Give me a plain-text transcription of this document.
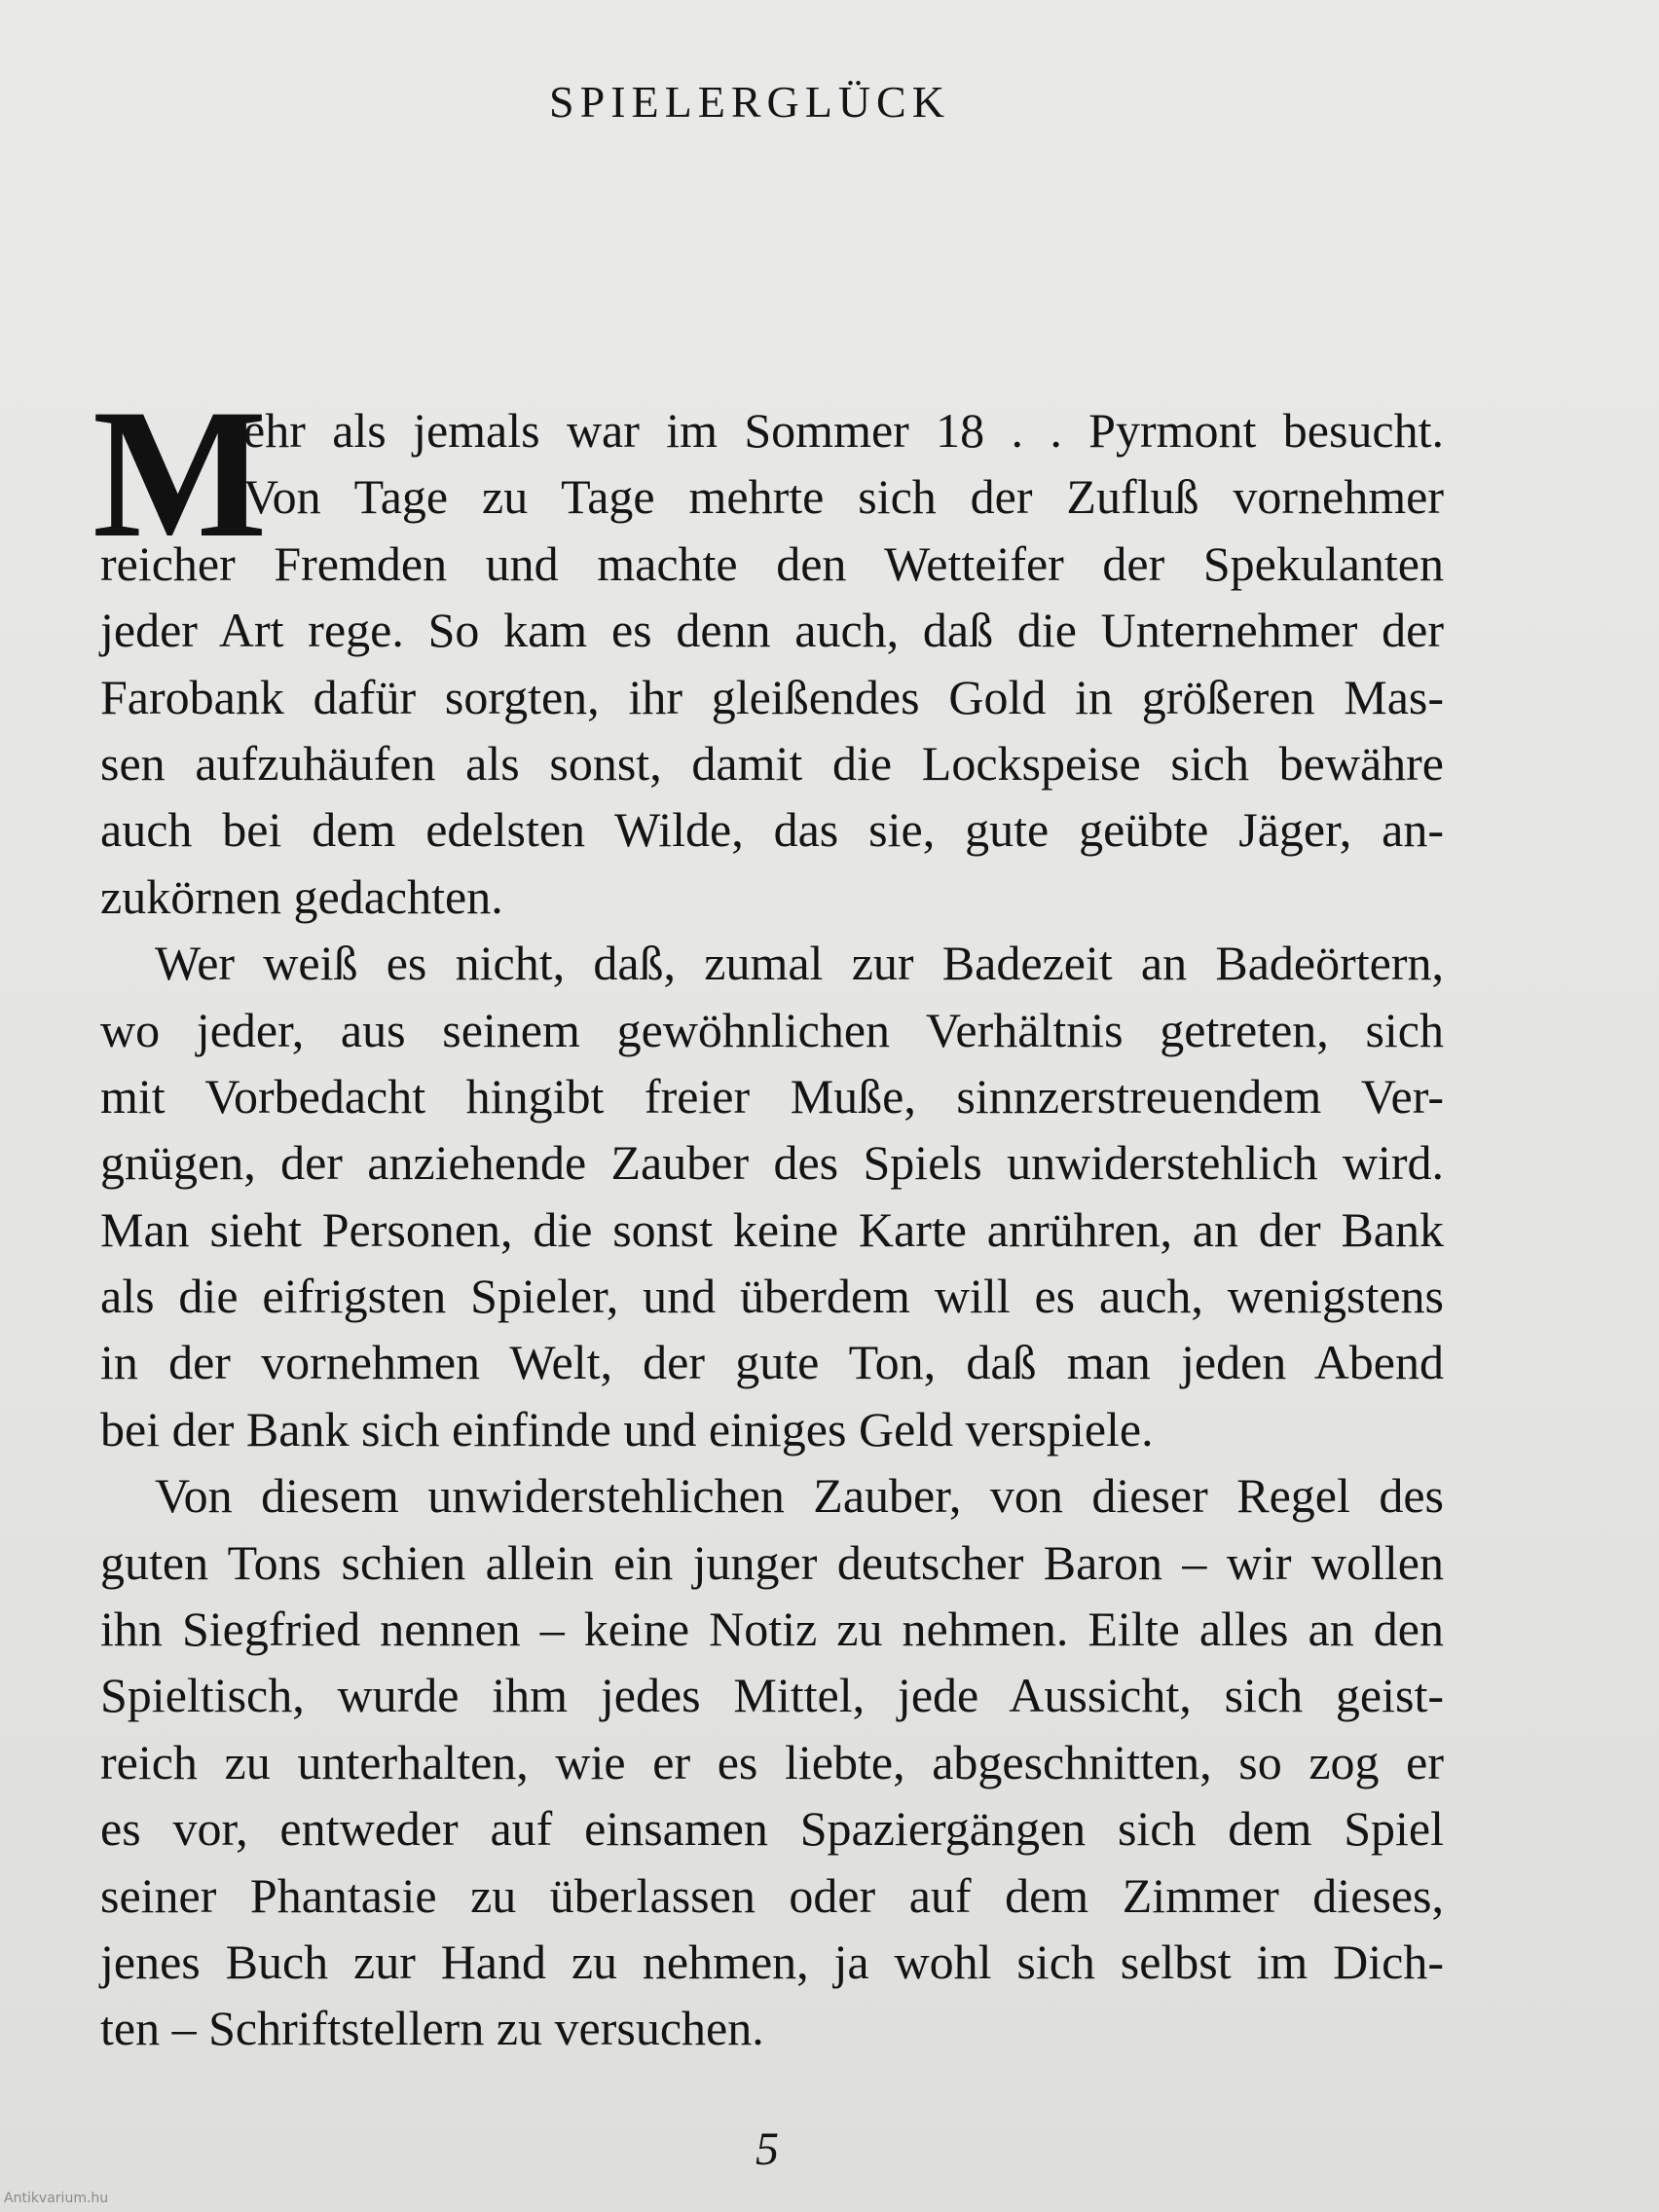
SPIELERGLÜCK
M
ehr als jemals war im Sommer 18 . . Pyrmont besucht.
Von Tage zu Tage mehrte sich der Zufluß vornehmer
reicher Fremden und machte den Wetteifer der Spekulanten
jeder Art rege. So kam es denn auch, daß die Unternehmer der
Farobank dafür sorgten, ihr gleißendes Gold in größeren Mas-
sen aufzuhäufen als sonst, damit die Lockspeise sich bewähre
auch bei dem edelsten Wilde, das sie, gute geübte Jäger, an-
zukörnen gedachten.
Wer weiß es nicht, daß, zumal zur Badezeit an Badeörtern,
wo jeder, aus seinem gewöhnlichen Verhältnis getreten, sich
mit Vorbedacht hingibt freier Muße, sinnzerstreuendem Ver-
gnügen, der anziehende Zauber des Spiels unwiderstehlich wird.
Man sieht Personen, die sonst keine Karte anrühren, an der Bank
als die eifrigsten Spieler, und überdem will es auch, wenigstens
in der vornehmen Welt, der gute Ton, daß man jeden Abend
bei der Bank sich einfinde und einiges Geld verspiele.
Von diesem unwiderstehlichen Zauber, von dieser Regel des
guten Tons schien allein ein junger deutscher Baron – wir wollen
ihn Siegfried nennen – keine Notiz zu nehmen. Eilte alles an den
Spieltisch, wurde ihm jedes Mittel, jede Aussicht, sich geist-
reich zu unterhalten, wie er es liebte, abgeschnitten, so zog er
es vor, entweder auf einsamen Spaziergängen sich dem Spiel
seiner Phantasie zu überlassen oder auf dem Zimmer dieses,
jenes Buch zur Hand zu nehmen, ja wohl sich selbst im Dich-
ten – Schriftstellern zu versuchen.
5
Antikvarium.hu
